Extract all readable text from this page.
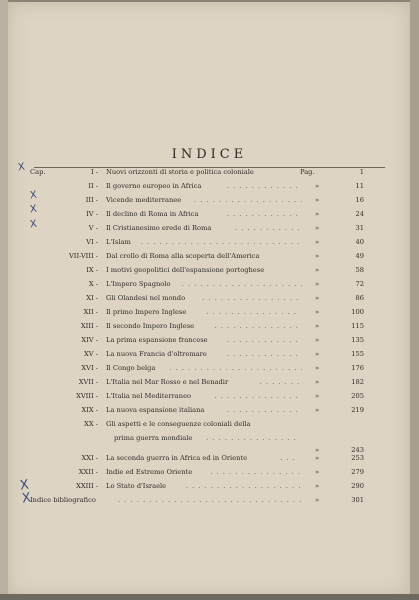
INDICE
Cap.	I - Nuovi orizzonti di storia e politica coloniale	Pag.	1
II - Il governo europeo in Africa	. . . . . . . . . . . . »	11
III - Vicende mediterranee . . . . . . . . . . . . . . . . . . »	16
IV - Il declino di Roma in Africa	. . . . . . . . . . . . »	24
V - Il Cristianesimo erede di Roma	. . . . . . . . . . . »	31
VI - L'Islam . . . . . . . . . . . . . . . . . . . . . . . . . . »	40
VII-VIII - Dal crollo di Roma alla scoperta dell'America	»	49
IX - I motivi geopolitici dell'espansione portoghese	»	58
X - L'Impero Spagnolo . . . . . . . . . . . . . . . . . . . . »	72
XI - Gli Olandesi nel mondo	. . . . . . . . . . . . . . . . »	86
XII - Il primo Impero Inglese	. . . . . . . . . . . . . . .	»	100
XIII - Il secondo Impero Inglese	. . . . . . . . . . . . . . »	115
XIV - La prima espansione francese	. . . . . . . . . . . . »	135
XV - La nuova Francia d'oltremare	. . . . . . . . . . . . »	155
XVI - Il Congo belga . . . . . . . . . . . . . . . . . . . . . . »	176
XVII - L'Italia nel Mar Rosso e nel Benadir	. . . . . . . »	182
XVIII - L'Italia nel Mediterraneo	. . . . . . . . . . . . . . »	205
XIX - La nuova espansione italiana	. . . . . . . . . . . . »	219
XX - Gli aspetti e le conseguenze coloniali della
prima guerra mondiale . . . . . . . . . . . . . . .
»	243
XXI - La seconda guerra in Africa ed in Oriente	. . .	»	253
XXII - Indie ed Estremo Oriente	. . . . . . . . . . . . . . . »	279
XXIII - Lo Stato d'Israele	. . . . . . . . . . . . . . . . . . . »	290
Indice bibliografico	. . . . . . . . . . . . . . . . . . . . . . . . . . . . . . »	301
X
X
X
X
X
X
